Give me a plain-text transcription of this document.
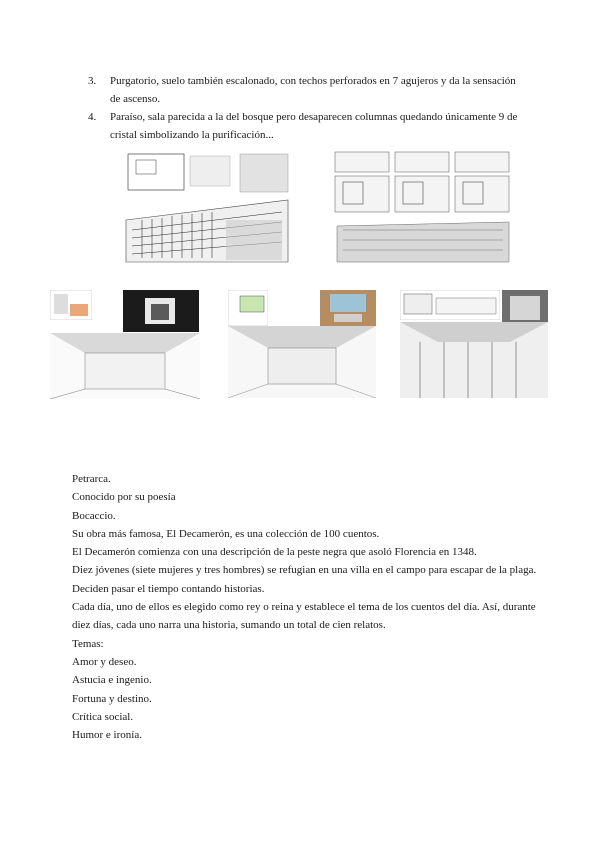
3. Purgatorio, suelo también escalonado, con techos perforados en 7 agujeros y da la sensación de ascenso.
4. Paraíso, sala parecida a la del bosque pero desaparecen columnas quedando únicamente 9 de cristal simbolizando la purificación...

Petrarca.

Conocido por su poesía

Bocaccio.

Su obra más famosa, El Decamerón, es una colección de 100 cuentos.

El Decamerón comienza con una descripción de la peste negra que asoló Florencia en 1348.

Diez jóvenes (siete mujeres y tres hombres) se refugian en una villa en el campo para escapar de la plaga. Deciden pasar el tiempo contando historias.

Cada día, uno de ellos es elegido como rey o reina y establece el tema de los cuentos del día. Así, durante diez días, cada uno narra una historia, sumando un total de cien relatos.

Temas:

Amor y deseo.

Astucia e ingenio.

Fortuna y destino.

Crítica social.

Humor e ironía.
